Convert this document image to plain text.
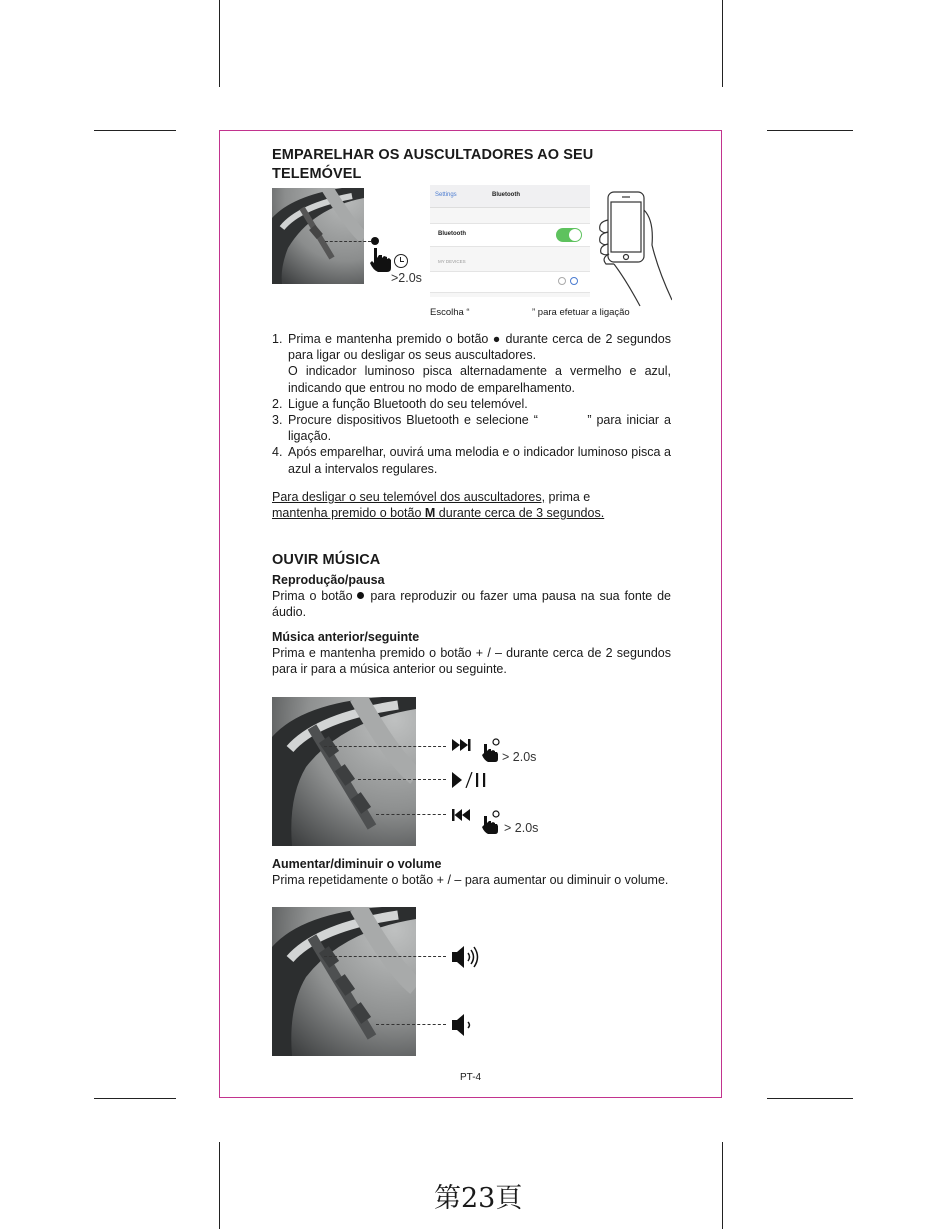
EMPARELHAR OS AUSCULTADORES AO SEU
TELEMÓVEL
>2.0s
Settings	Bluetooth
Bluetooth
MY DEVICES
Escolha “	” para efetuar a ligação
1. Prima e mantenha premido o botão ● durante cerca de 2 segundos para ligar ou desligar os seus auscultadores.
O indicador luminoso pisca alternadamente a vermelho e azul, indicando que entrou no modo de emparelhamento.
2. Ligue a função Bluetooth do seu telemóvel.
3. Procure dispositivos Bluetooth e selecione “          ” para iniciar a ligação.
4. Após emparelhar, ouvirá uma melodia e o indicador luminoso pisca a azul a intervalos regulares.
Para desligar o seu telemóvel dos auscultadores, prima e
mantenha premido o botão M durante cerca de 3 segundos.
OUVIR MÚSICA
Reprodução/pausa
Prima o botão para reproduzir ou fazer uma pausa na sua fonte de áudio.
Música anterior/seguinte
Prima e mantenha premido o botão + / – durante cerca de 2 segundos para ir para a música anterior ou seguinte.
> 2.0s
> 2.0s
Aumentar/diminuir o volume
Prima repetidamente o botão + / – para aumentar ou diminuir o volume.
PT-4
第23頁
